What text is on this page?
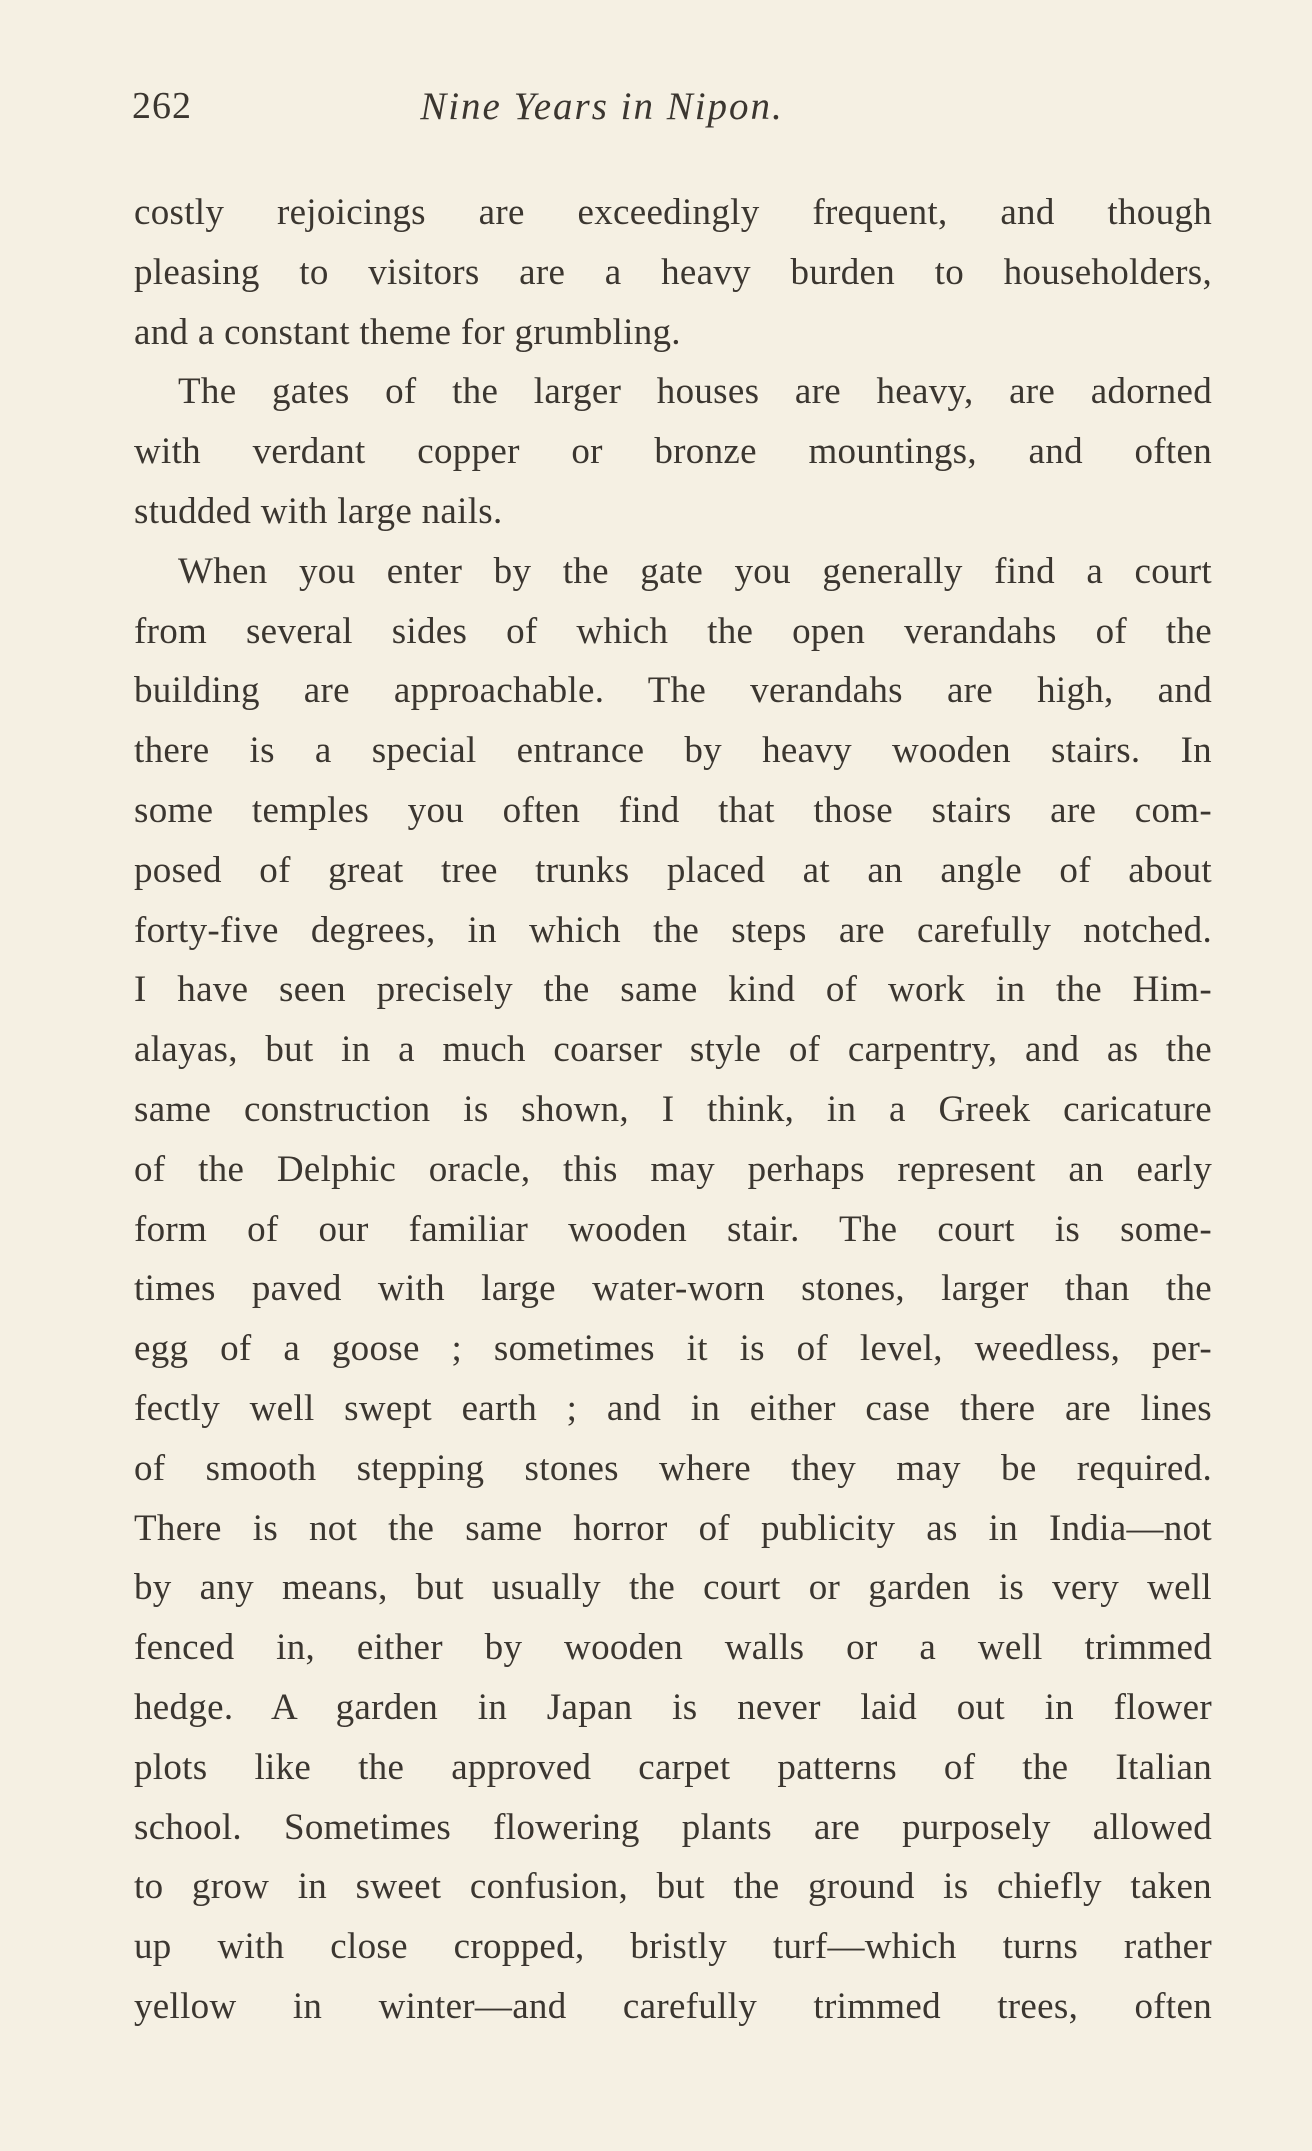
262	Nine Years in Nipon.
costly rejoicings are exceedingly frequent, and though
pleasing to visitors are a heavy burden to householders,
and a constant theme for grumbling.
The gates of the larger houses are heavy, are adorned
with verdant copper or bronze mountings, and often
studded with large nails.
When you enter by the gate you generally find a court
from several sides of which the open verandahs of the
building are approachable. The verandahs are high, and
there is a special entrance by heavy wooden stairs. In
some temples you often find that those stairs are com-
posed of great tree trunks placed at an angle of about
forty-five degrees, in which the steps are carefully notched.
I have seen precisely the same kind of work in the Him-
alayas, but in a much coarser style of carpentry, and as the
same construction is shown, I think, in a Greek caricature
of the Delphic oracle, this may perhaps represent an early
form of our familiar wooden stair. The court is some-
times paved with large water-worn stones, larger than the
egg of a goose ; sometimes it is of level, weedless, per-
fectly well swept earth ; and in either case there are lines
of smooth stepping stones where they may be required.
There is not the same horror of publicity as in India—not
by any means, but usually the court or garden is very well
fenced in, either by wooden walls or a well trimmed
hedge. A garden in Japan is never laid out in flower
plots like the approved carpet patterns of the Italian
school. Sometimes flowering plants are purposely allowed
to grow in sweet confusion, but the ground is chiefly taken
up with close cropped, bristly turf—which turns rather
yellow in winter—and carefully trimmed trees, often
